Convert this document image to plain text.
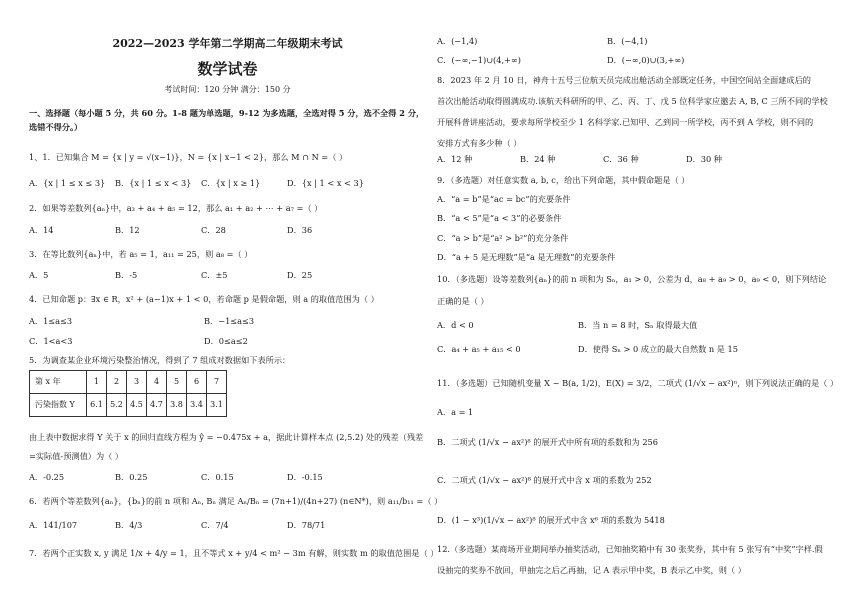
2022—2023 学年第二学期高二年级期末考试
数学试卷
考试时间：120 分钟 满分：150 分
一、选择题（每小题 5 分，共 60 分。1-8 题为单选题，9-12 为多选题，全选对得 5 分，选不全得 2 分，选错不得分。）
1、1．已知集合 M = {x | y = √(x−1)}，N = {x | x−1 < 2}，那么 M ∩ N =（ ）
A．{x | 1 ≤ x ≤ 3} B．{x | 1 ≤ x < 3} C．{x | x ≥ 1}	D．{x | 1 < x < 3}
2．如果等差数列{aₙ}中，a₃ + a₄ + a₅ = 12，那么 a₁ + a₂ + ⋯ + a₇ =（ ）
A．14	B．12	C．28	D．36
3．在等比数列{aₙ}中，若 a₅ = 1，a₁₁ = 25，则 a₈ =（ ）
A．5	B．-5	C．±5	D．25
4．已知命题 p：∃x ∈ R，x² + (a−1)x + 1 < 0，若命题 p 是假命题，则 a 的取值范围为（ ）
A．1≤a≤3	B．−1≤a≤3
C．1<a<3	D．0≤a≤2
5．为调查某企业环境污染整治情况，得到了 7 组成对数据如下表所示：
第 x 年	1	2	3	4	5	6	7
污染指数 Y	6.1	5.2	4.5	4.7	3.8	3.4	3.1
由上表中数据求得 Y 关于 x 的回归直线方程为 ŷ = −0.475x + a，据此计算样本点 (2,5.2) 处的残差（残差
=实际值-预测值）为（ ）
A．-0.25	B．0.25	C．0.15	D．-0.15
6．若两个等差数列{aₙ}，{bₙ}的前 n 项和 Aₙ, Bₙ 满足 Aₙ/Bₙ = (7n+1)/(4n+27) (n∈N*)，则 a₁₁/b₁₁ =（ ）
A．141/107	B．4/3	C．7/4	D．78/71
7．若两个正实数 x, y 满足 1/x + 4/y = 1，且不等式 x + y/4 < m² − 3m 有解，则实数 m 的取值范围是（ ）
A．(−1,4)	B．(−4,1)
C．(−∞,−1)∪(4,+∞)	D．(−∞,0)∪(3,+∞)
8．2023 年 2 月 10 日，神舟十五号三位航天员完成出舱活动全部既定任务，中国空间站全面建成后的
首次出舱活动取得圆满成功.该航天科研所的甲、乙、丙、丁、戊 5 位科学家应邀去 A, B, C 三所不同的学校
开展科普讲座活动，要求每所学校至少 1 名科学家.已知甲、乙到同一所学校，丙不到 A 学校，则不同的
安排方式有多少种（ ）
A．12 种	B．24 种	C．36 种	D．30 种
9．（多选题）对任意实数 a, b, c，给出下列命题，其中假命题是（ ）
A．“a = b”是“ac = bc”的充要条件
B．“a < 5”是“a < 3”的必要条件
C．“a > b”是“a² > b²”的充分条件
D．“a + 5 是无理数”是“a 是无理数”的充要条件
10．（多选题）设等差数列{aₙ}的前 n 项和为 Sₙ，a₁ > 0，公差为 d，a₈ + a₉ > 0，a₉ < 0，则下列结论
正确的是（ ）
A．d < 0	B．当 n = 8 时，Sₙ 取得最大值
C．a₄ + a₅ + a₁₅ < 0	D．使得 Sₙ > 0 成立的最大自然数 n 是 15
11．（多选题）已知随机变量 X ~ B(a, 1/2)，E(X) = 3/2，二项式 (1/√x − ax²)ⁿ，则下列说法正确的是（ ）
A．a = 1
B．二项式 (1/√x − ax²)⁸ 的展开式中所有项的系数和为 256
C．二项式 (1/√x − ax²)⁸ 的展开式中含 x 项的系数为 252
D．(1 − x³)(1/√x − ax²)⁸ 的展开式中含 x⁶ 项的系数为 5418
12.（多选题）某商场开业期间举办抽奖活动，已知抽奖箱中有 30 张奖券，其中有 5 张写有“中奖”字样.假
设抽完的奖券不放回，甲抽完之后乙再抽，记 A 表示甲中奖，B 表示乙中奖，则（ ）
